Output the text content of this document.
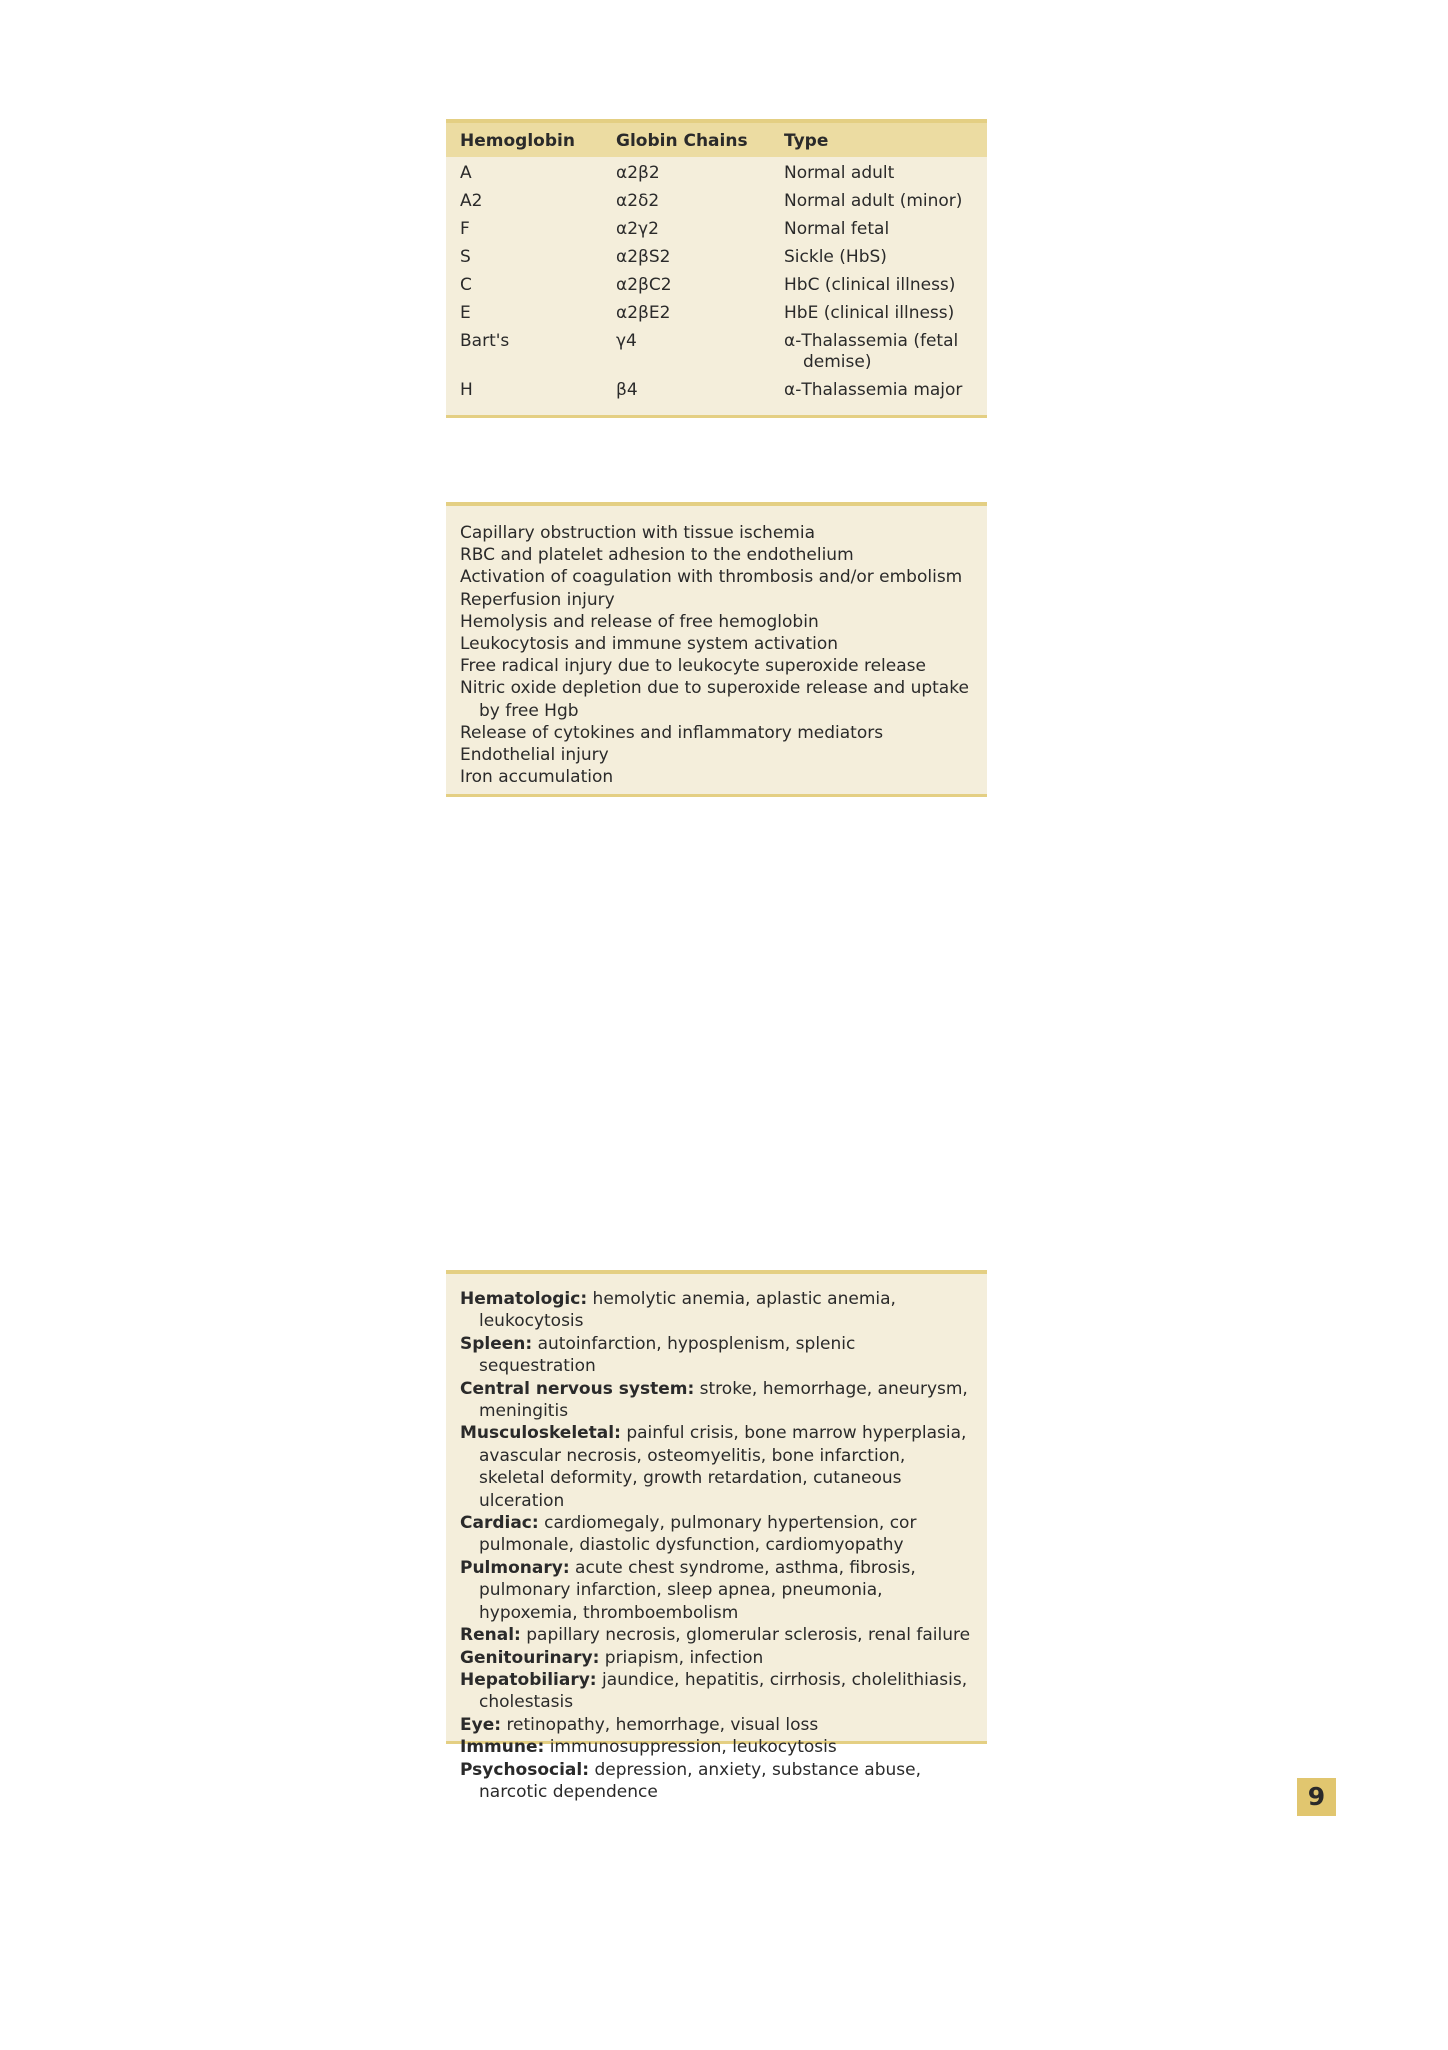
Hemoglobin	Globin Chains	Type
A	α2β2	Normal adult
A2	α2δ2	Normal adult (minor)
F	α2γ2	Normal fetal
S	α2βS2	Sickle (HbS)
C	α2βC2	HbC (clinical illness)
E	α2βE2	HbE (clinical illness)
Bart's	γ4	α-Thalassemia (fetal demise)

H	β4	α-Thalassemia major
Capillary obstruction with tissue ischemia
RBC and platelet adhesion to the endothelium
Activation of coagulation with thrombosis and/or embolism
Reperfusion injury
Hemolysis and release of free hemoglobin
Leukocytosis and immune system activation
Free radical injury due to leukocyte superoxide release
Nitric oxide depletion due to superoxide release and uptake by free Hgb
Release of cytokines and inflammatory mediators
Endothelial injury
Iron accumulation
Hematologic: hemolytic anemia, aplastic anemia, leukocytosis
Spleen: autoinfarction, hyposplenism, splenic sequestration
Central nervous system: stroke, hemorrhage, aneurysm, meningitis
Musculoskeletal: painful crisis, bone marrow hyperplasia, avascular necrosis, osteomyelitis, bone infarction, skeletal deformity, growth retardation, cutaneous ulceration
Cardiac: cardiomegaly, pulmonary hypertension, cor pulmonale, diastolic dysfunction, cardiomyopathy
Pulmonary: acute chest syndrome, asthma, fibrosis, pulmonary infarction, sleep apnea, pneumonia, hypoxemia, thromboembolism
Renal: papillary necrosis, glomerular sclerosis, renal failure
Genitourinary: priapism, infection
Hepatobiliary: jaundice, hepatitis, cirrhosis, cholelithiasis, cholestasis
Eye: retinopathy, hemorrhage, visual loss
Immune: immunosuppression, leukocytosis
Psychosocial: depression, anxiety, substance abuse, narcotic dependence	9
